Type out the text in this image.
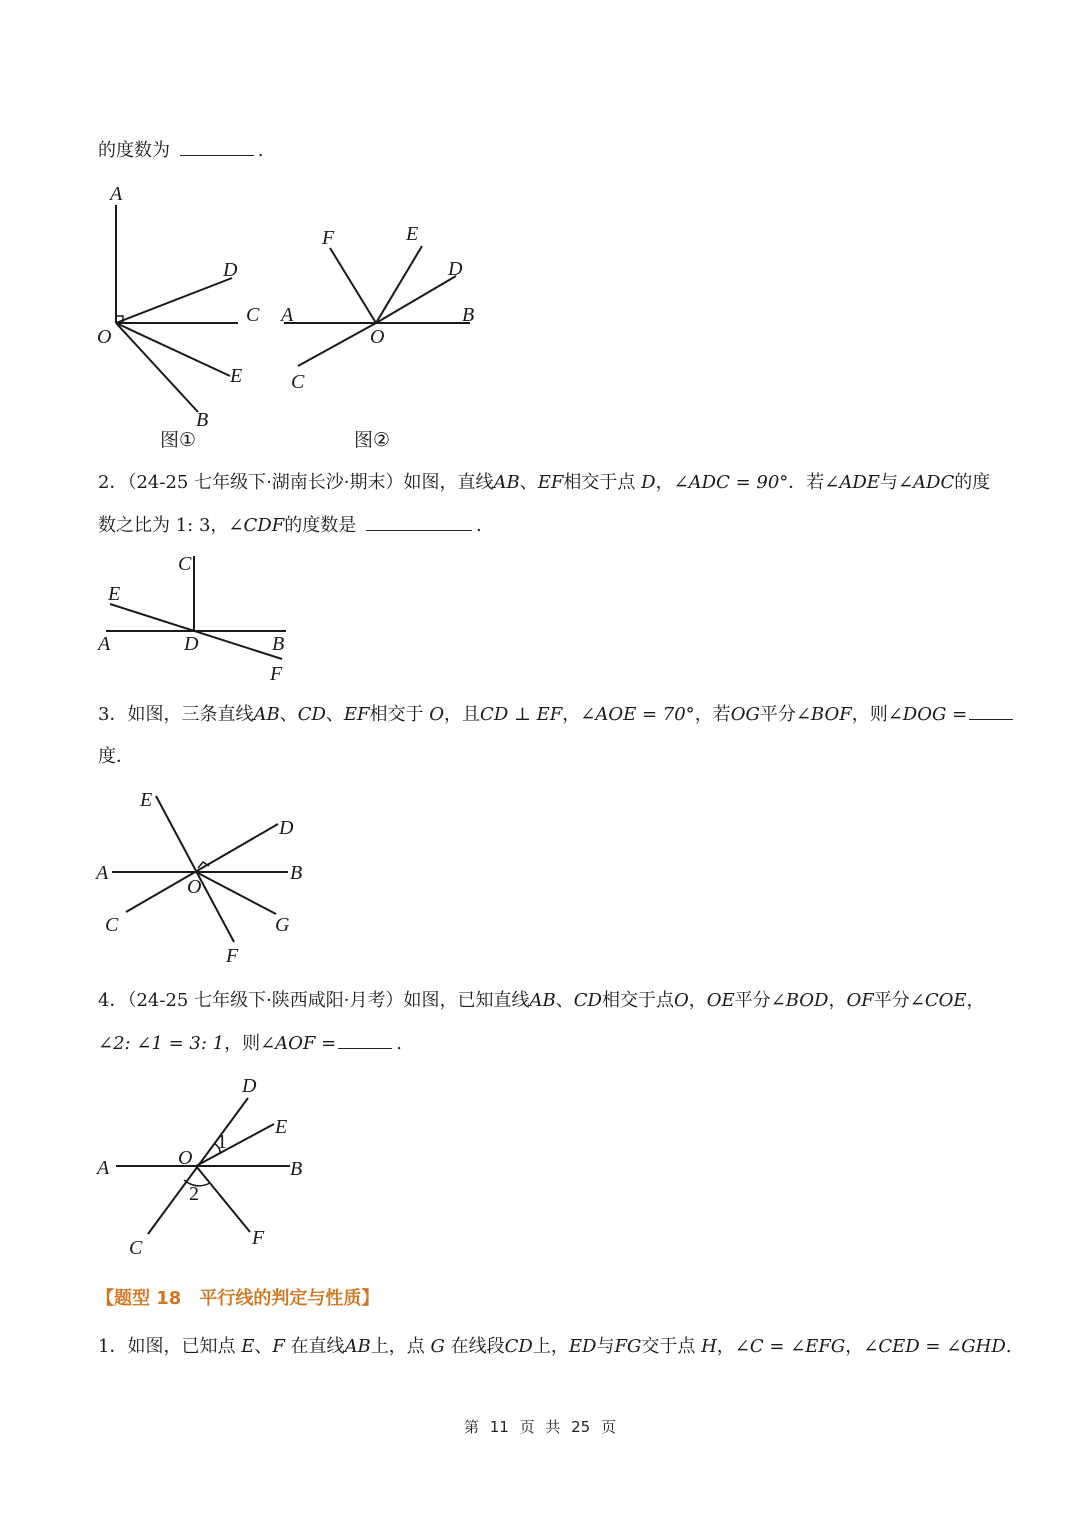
的度数为	.
A
D
C
O
E
B
图①
F	E
D
A	B
O
C
图②
2．（24-25 七年级下·湖南长沙·期末）如图，直线AB、EF相交于点 D，∠ADC = 90°．若∠ADE与∠ADC的度
数之比为 1: 3，∠CDF的度数是	.
C
E
A	D	B
F
3．如图，三条直线AB、CD、EF相交于 O，且CD ⊥ EF，∠AOE = 70°，若OG平分∠BOF，则∠DOG =
度．
E
D
A	B
O
C	G
F
4．（24-25 七年级下·陕西咸阳·月考）如图，已知直线AB、CD相交于点O，OE平分∠BOD，OF平分∠COE，
∠2: ∠1 = 3: 1，则∠AOF =	.
D
E
A	O
1
B
2
C	F
【题型 18　平行线的判定与性质】
1．如图，已知点 E、F 在直线AB上，点 G 在线段CD上，ED与FG交于点 H，∠C = ∠EFG，∠CED = ∠GHD.
第 11 页 共 25 页
